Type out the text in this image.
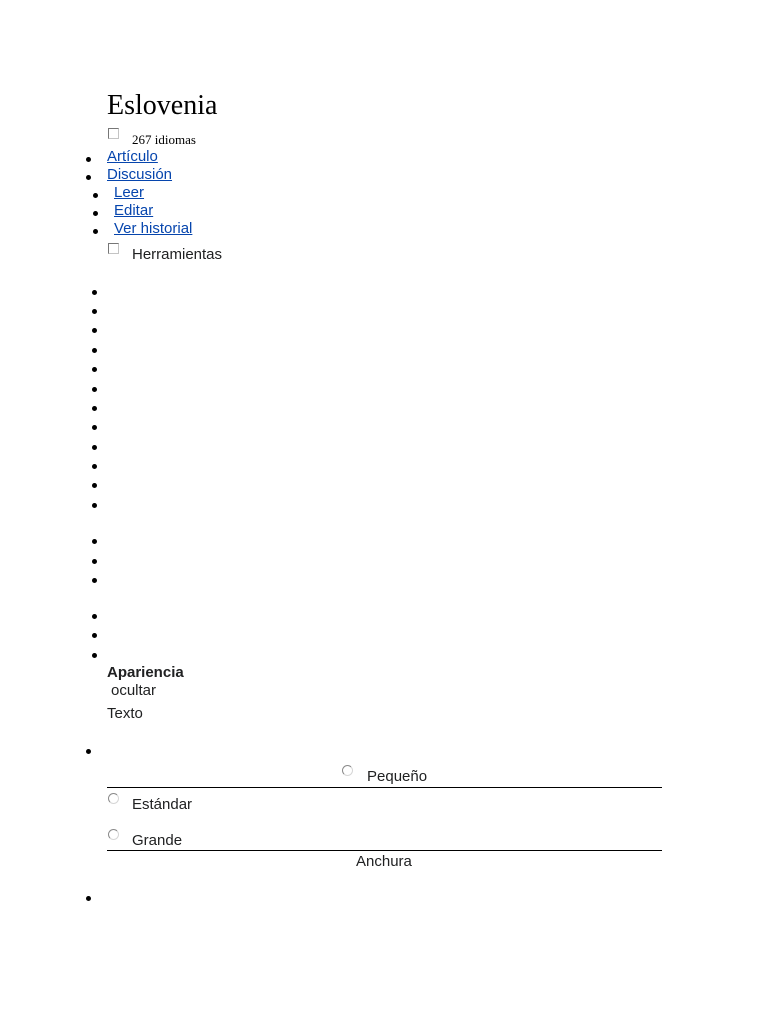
Eslovenia
267 idiomas
Artículo
Discusión
Leer
Editar
Ver historial
Herramientas
Apariencia
ocultar
Texto
Pequeño
Estándar
Grande
Anchura
